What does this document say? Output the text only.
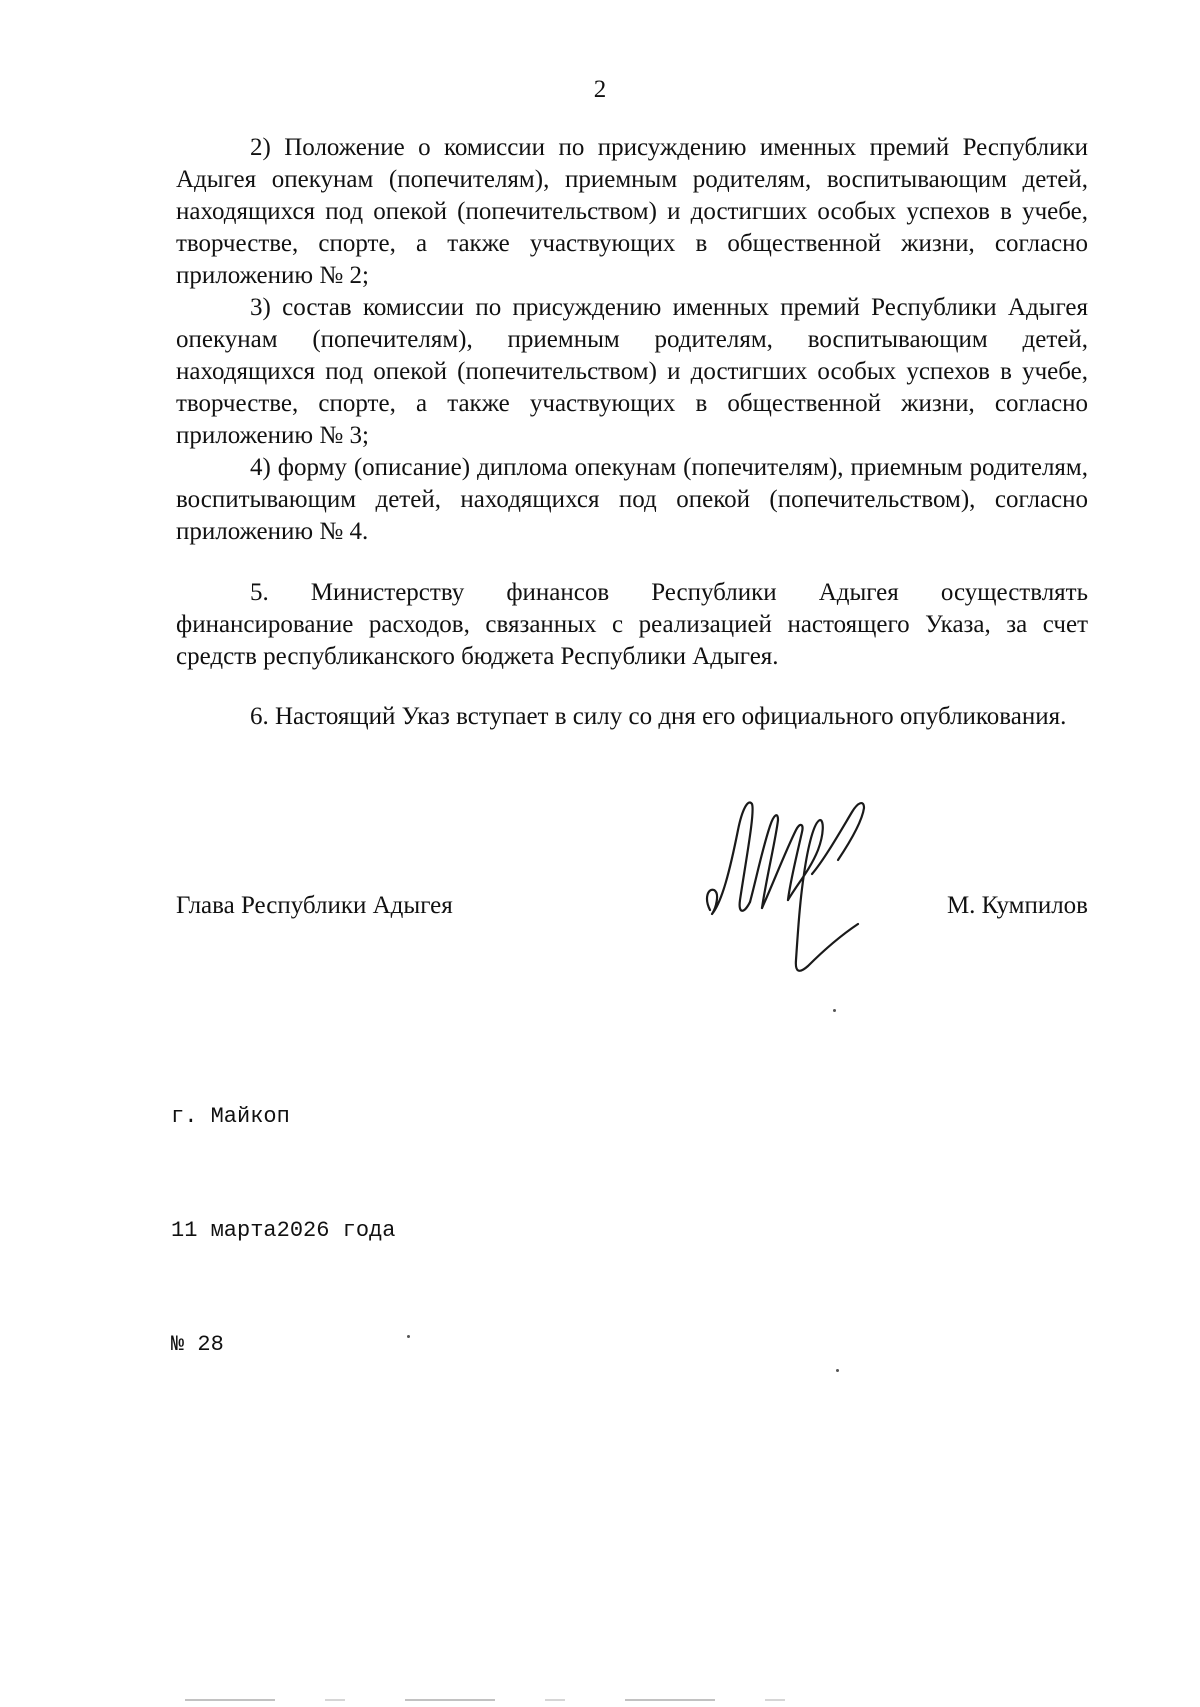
2

2) Положение о комиссии по присуждению именных премий Республики Адыгея опекунам (попечителям), приемным родителям, воспитывающим детей, находящихся под опекой (попечительством) и достигших особых успехов в учебе, творчестве, спорте, а также участвующих в общественной жизни, согласно приложению № 2;

3) состав комиссии по присуждению именных премий Республики Адыгея опекунам (попечителям), приемным родителям, воспитывающим детей, находящихся под опекой (попечительством) и достигших особых успехов в учебе, творчестве, спорте, а также участвующих в общественной жизни, согласно приложению № 3;

4) форму (описание) диплома опекунам (попечителям), приемным родителям, воспитывающим детей, находящихся под опекой (попечительством), согласно приложению № 4.

5. Министерству финансов Республики Адыгея осуществлять финансирование расходов, связанных с реализацией настоящего Указа, за счет средств республиканского бюджета Республики Адыгея.

6. Настоящий Указ вступает в силу со дня его официального опубликования.

Глава Республики Адыгея	М. Кумпилов

г. Майкоп

11 марта2026 года

№ 28
